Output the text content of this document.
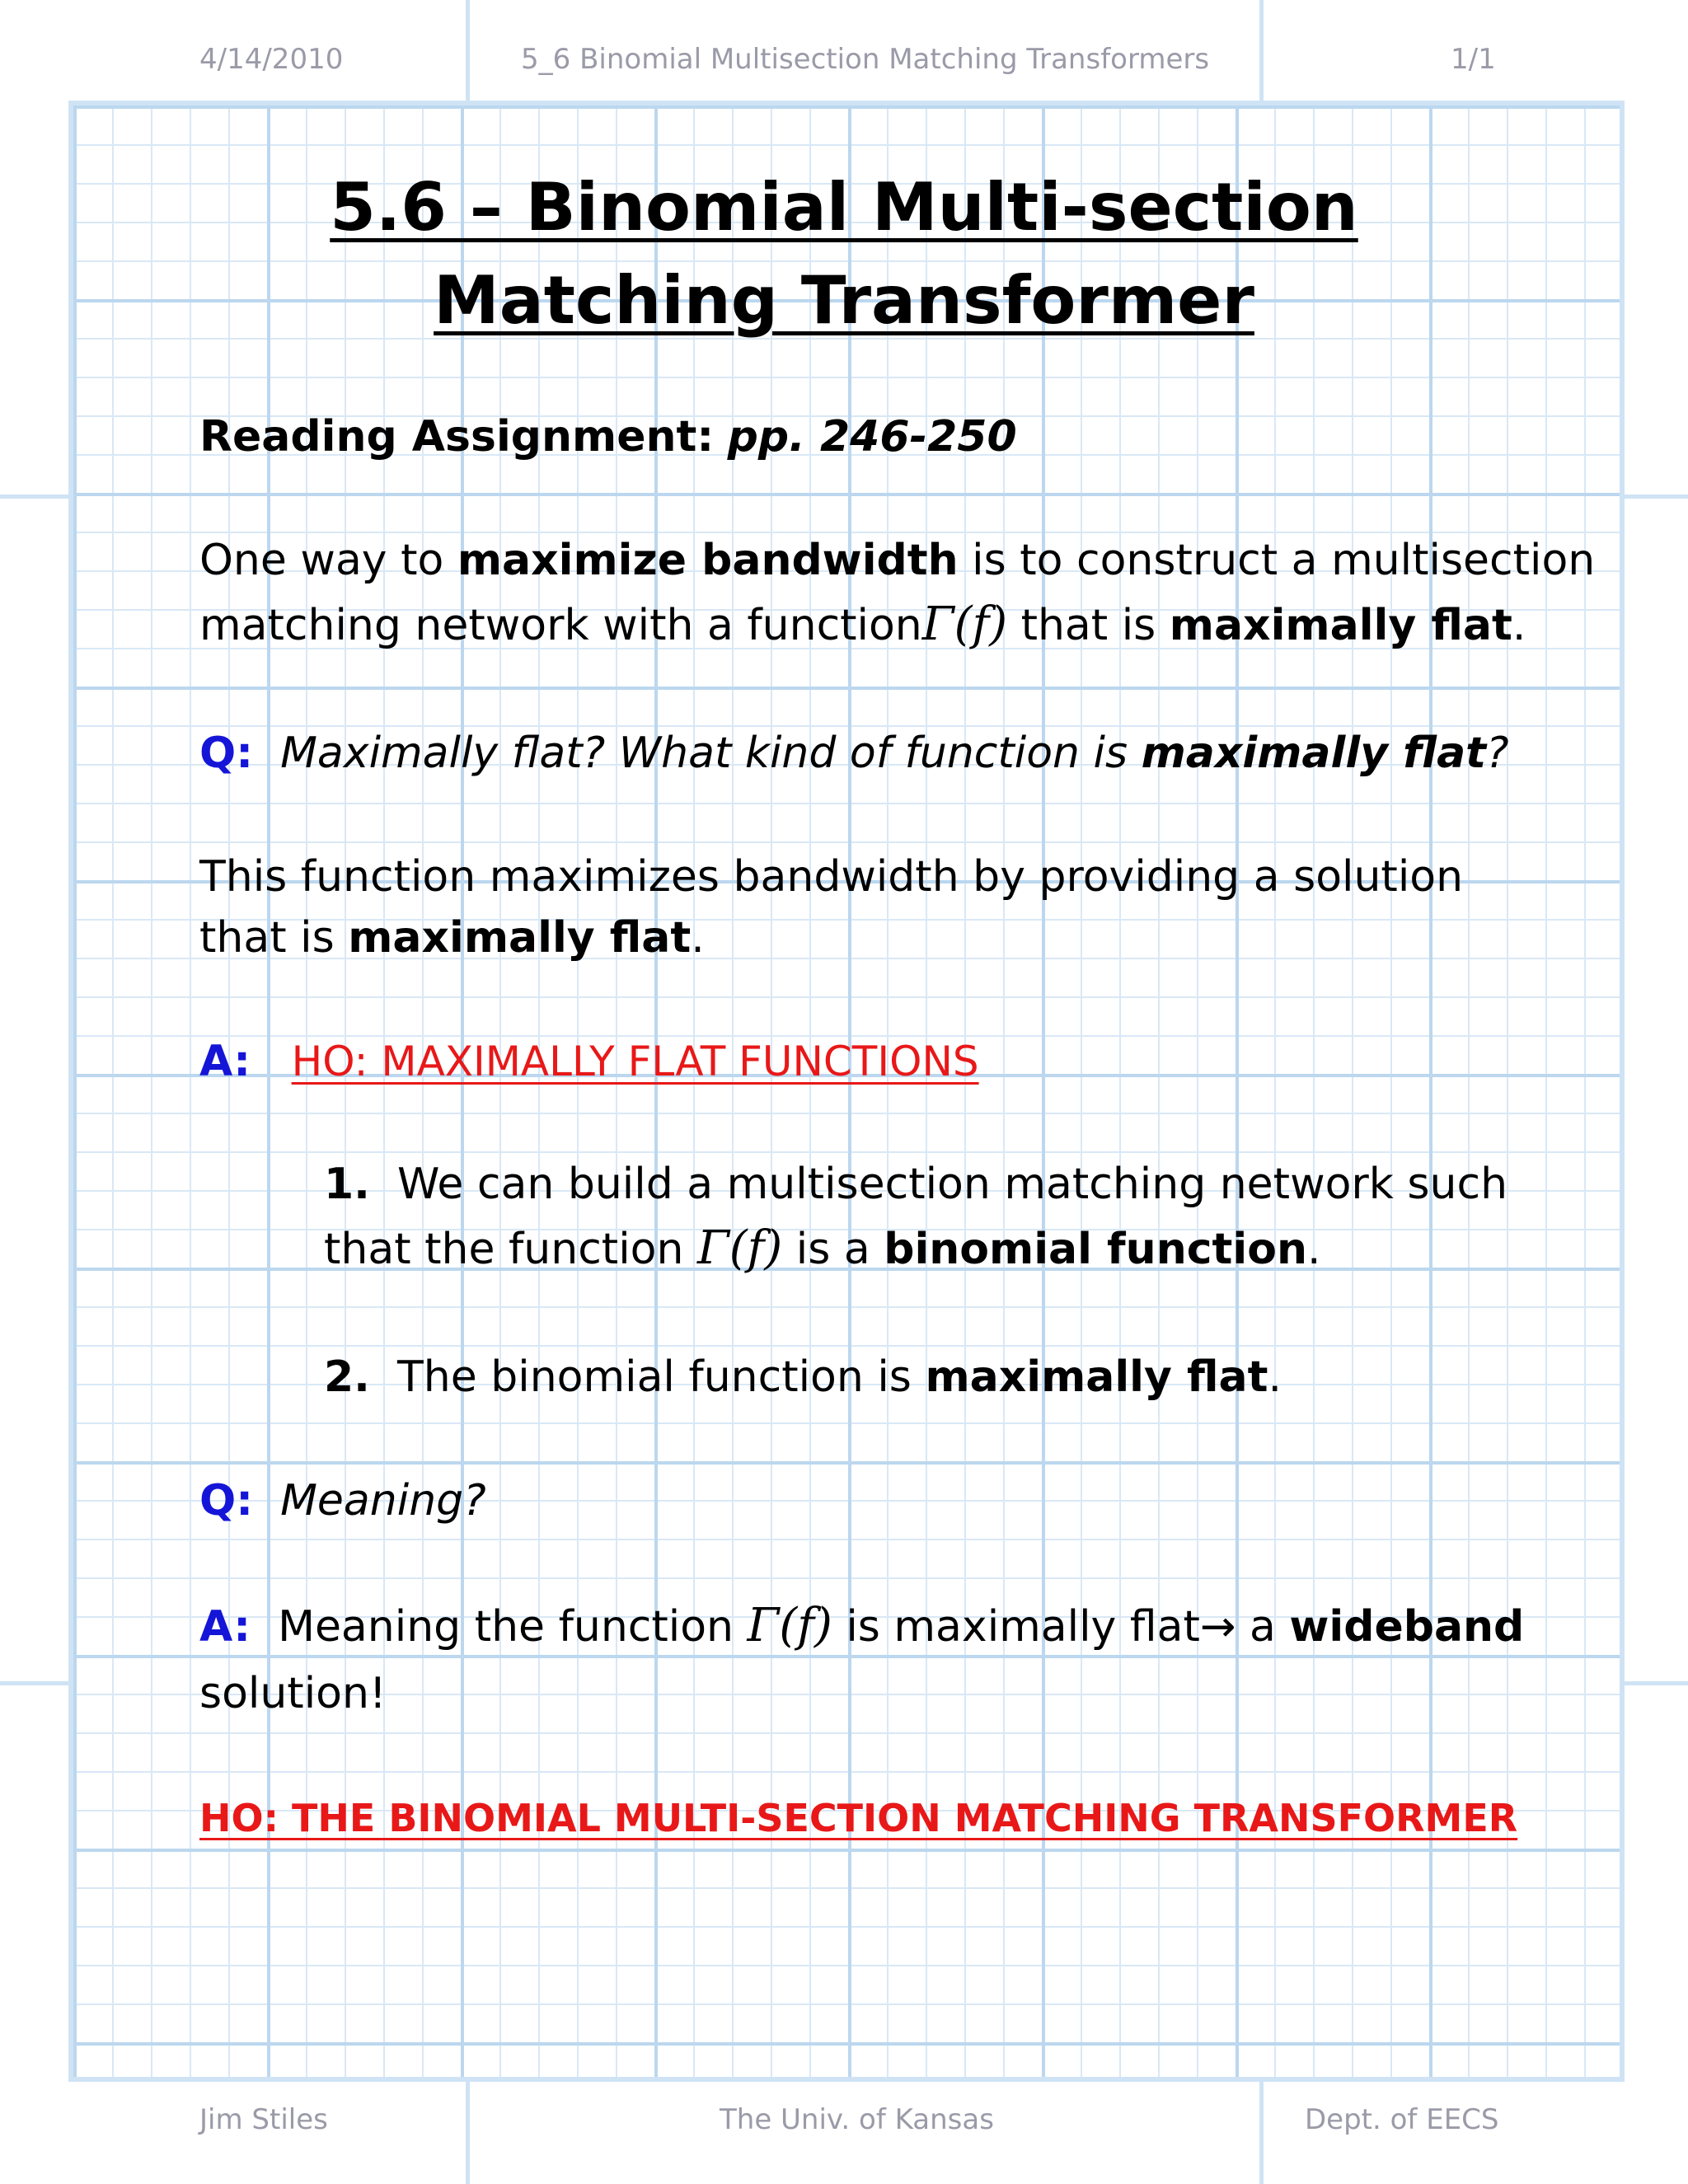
4/14/2010	5_6 Binomial Multisection Matching Transformers	1/1
5.6 – Binomial Multi-section
Matching Transformer
Reading Assignment: pp. 246-250
One way to maximize bandwidth is to construct a multisection
matching network with a functionΓ(f) that is maximally flat.
Q: Maximally flat? What kind of function is maximally flat?
This function maximizes bandwidth by providing a solution
that is maximally flat.
A: HO: MAXIMALLY FLAT FUNCTIONS
1. We can build a multisection matching network such
that the function Γ(f) is a binomial function.
2. The binomial function is maximally flat.
Q: Meaning?
A: Meaning the function Γ(f) is maximally flat→ a wideband
solution!
HO: THE BINOMIAL MULTI-SECTION MATCHING TRANSFORMER
Jim Stiles	The Univ. of Kansas	Dept. of EECS
